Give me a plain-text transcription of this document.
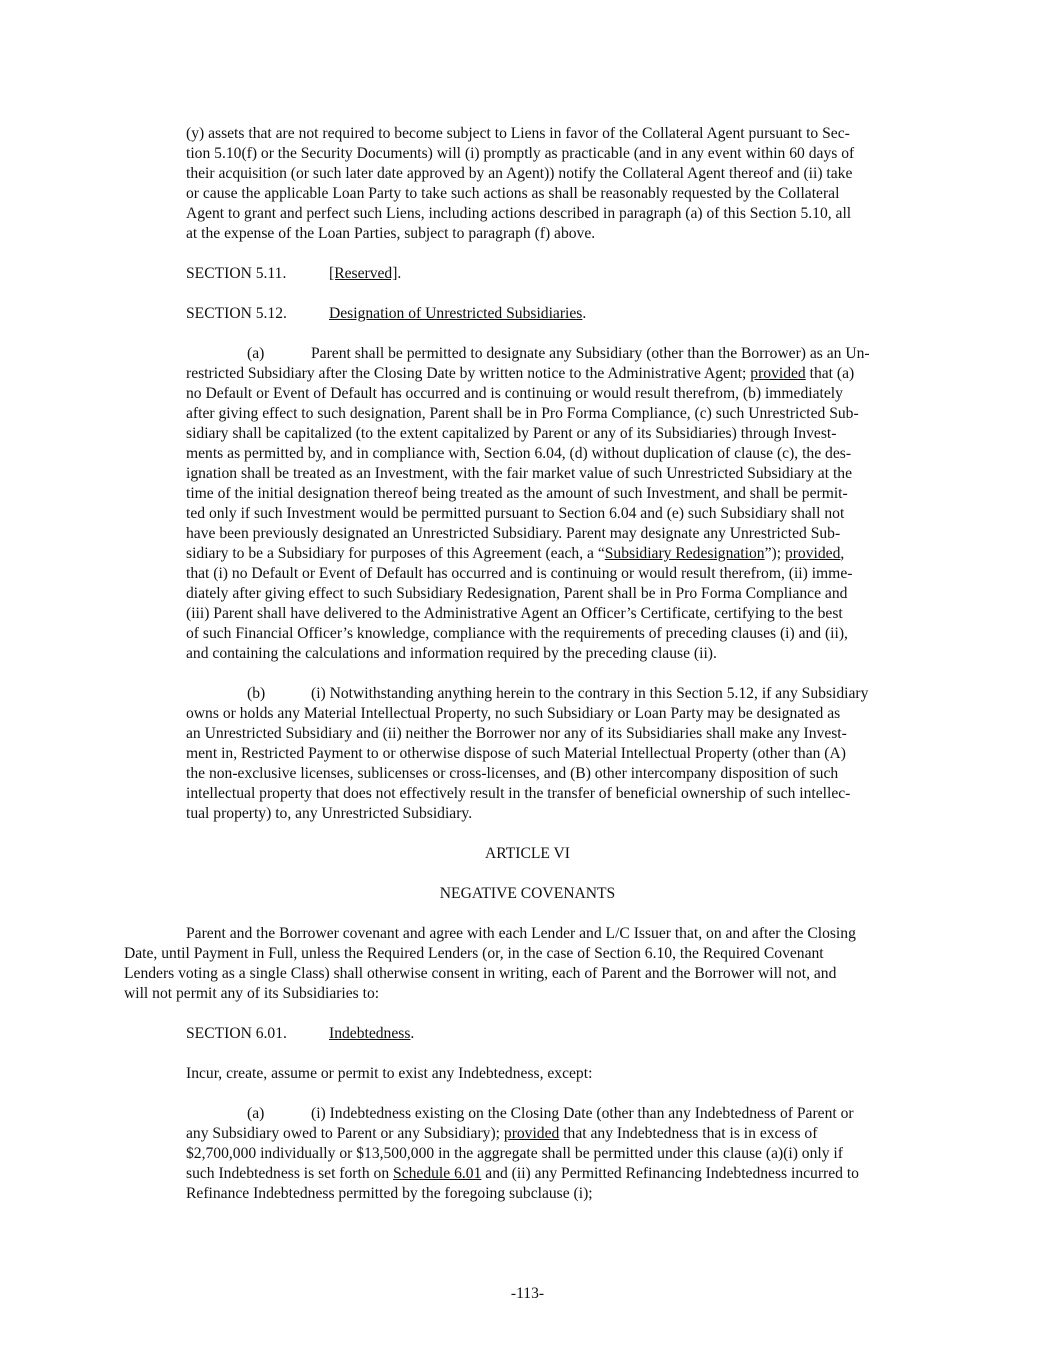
(y) assets that are not required to become subject to Liens in favor of the Collateral Agent pursuant to Sec-
tion 5.10(f) or the Security Documents) will (i) promptly as practicable (and in any event within 60 days of
their acquisition (or such later date approved by an Agent)) notify the Collateral Agent thereof and (ii) take
or cause the applicable Loan Party to take such actions as shall be reasonably requested by the Collateral
Agent to grant and perfect such Liens, including actions described in paragraph (a) of this Section 5.10, all
at the expense of the Loan Parties, subject to paragraph (f) above.
SECTION 5.11.	[Reserved].
SECTION 5.12.	Designation of Unrestricted Subsidiaries.
(a)	Parent shall be permitted to designate any Subsidiary (other than the Borrower) as an Un-
restricted Subsidiary after the Closing Date by written notice to the Administrative Agent; provided that (a)
no Default or Event of Default has occurred and is continuing or would result therefrom, (b) immediately
after giving effect to such designation, Parent shall be in Pro Forma Compliance, (c) such Unrestricted Sub-
sidiary shall be capitalized (to the extent capitalized by Parent or any of its Subsidiaries) through Invest-
ments as permitted by, and in compliance with, Section 6.04, (d) without duplication of clause (c), the des-
ignation shall be treated as an Investment, with the fair market value of such Unrestricted Subsidiary at the
time of the initial designation thereof being treated as the amount of such Investment, and shall be permit-
ted only if such Investment would be permitted pursuant to Section 6.04 and (e) such Subsidiary shall not
have been previously designated an Unrestricted Subsidiary. Parent may designate any Unrestricted Sub-
sidiary to be a Subsidiary for purposes of this Agreement (each, a “Subsidiary Redesignation”); provided,
that (i) no Default or Event of Default has occurred and is continuing or would result therefrom, (ii) imme-
diately after giving effect to such Subsidiary Redesignation, Parent shall be in Pro Forma Compliance and
(iii) Parent shall have delivered to the Administrative Agent an Officer’s Certificate, certifying to the best
of such Financial Officer’s knowledge, compliance with the requirements of preceding clauses (i) and (ii),
and containing the calculations and information required by the preceding clause (ii).
(b)	(i) Notwithstanding anything herein to the contrary in this Section 5.12, if any Subsidiary
owns or holds any Material Intellectual Property, no such Subsidiary or Loan Party may be designated as
an Unrestricted Subsidiary and (ii) neither the Borrower nor any of its Subsidiaries shall make any Invest-
ment in, Restricted Payment to or otherwise dispose of such Material Intellectual Property (other than (A)
the non-exclusive licenses, sublicenses or cross-licenses, and (B) other intercompany disposition of such
intellectual property that does not effectively result in the transfer of beneficial ownership of such intellec-
tual property) to, any Unrestricted Subsidiary.
ARTICLE VI
NEGATIVE COVENANTS
Parent and the Borrower covenant and agree with each Lender and L/C Issuer that, on and after the Closing
Date, until Payment in Full, unless the Required Lenders (or, in the case of Section 6.10, the Required Covenant
Lenders voting as a single Class) shall otherwise consent in writing, each of Parent and the Borrower will not, and
will not permit any of its Subsidiaries to:
SECTION 6.01.	Indebtedness.
Incur, create, assume or permit to exist any Indebtedness, except:
(a)	(i) Indebtedness existing on the Closing Date (other than any Indebtedness of Parent or
any Subsidiary owed to Parent or any Subsidiary); provided that any Indebtedness that is in excess of
$2,700,000 individually or $13,500,000 in the aggregate shall be permitted under this clause (a)(i) only if
such Indebtedness is set forth on Schedule 6.01 and (ii) any Permitted Refinancing Indebtedness incurred to
Refinance Indebtedness permitted by the foregoing subclause (i);
-113-
